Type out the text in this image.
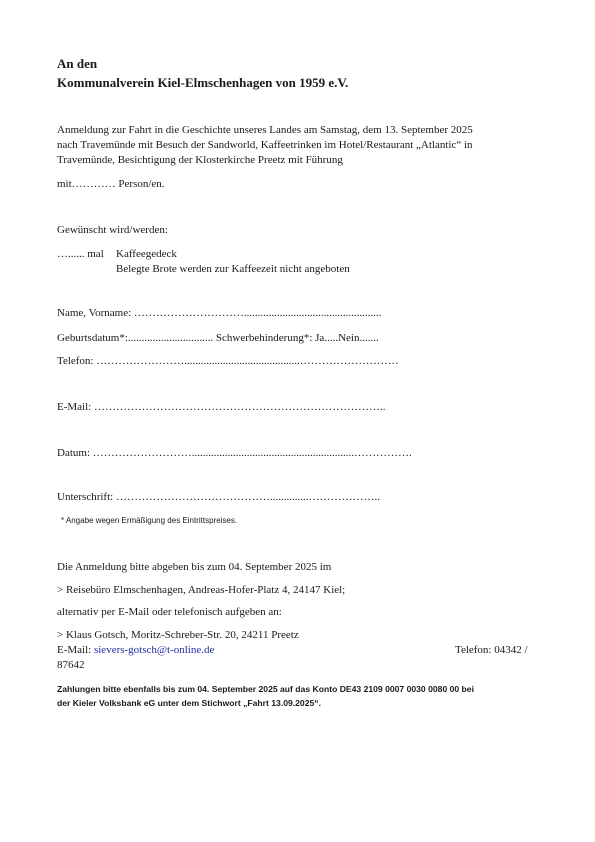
An den
Kommunalverein Kiel-Elmschenhagen von 1959 e.V.
Anmeldung zur Fahrt in die Geschichte unseres Landes am Samstag, dem 13. September 2025
nach Travemünde mit Besuch der Sandworld, Kaffeetrinken im Hotel/Restaurant „Atlantic“ in
Travemünde, Besichtigung der Klosterkirche Preetz mit Führung
mit………… Person/en.
Gewünscht wird/werden:
…...... mal Kaffeegedeck
Belegte Brote werden zur Kaffeezeit nicht angeboten
Name, Vorname: …………………………..................................................
Geburtsdatum*:............................... Schwerbehinderung*: Ja.....Nein.......
Telefon: ……………………..........................................………………………
E-Mail: ……………………………………………………………………..
Datum: ………………………...........................................................…………….
Unterschrift: ……………………………………..............………………..
* Angabe wegen Ermäßigung des Eintrittspreises.
Die Anmeldung bitte abgeben bis zum 04. September 2025 im
> Reisebüro Elmschenhagen, Andreas-Hofer-Platz 4, 24147 Kiel;
alternativ per E-Mail oder telefonisch aufgeben an:
> Klaus Gotsch, Moritz-Schreber-Str. 20, 24211 Preetz
E-Mail: sievers-gotsch@t-online.de	Telefon: 04342 /
87642
Zahlungen bitte ebenfalls bis zum 04. September 2025 auf das Konto DE43 2109 0007 0030 0080 00 bei
der Kieler Volksbank eG unter dem Stichwort „Fahrt 13.09.2025“.
